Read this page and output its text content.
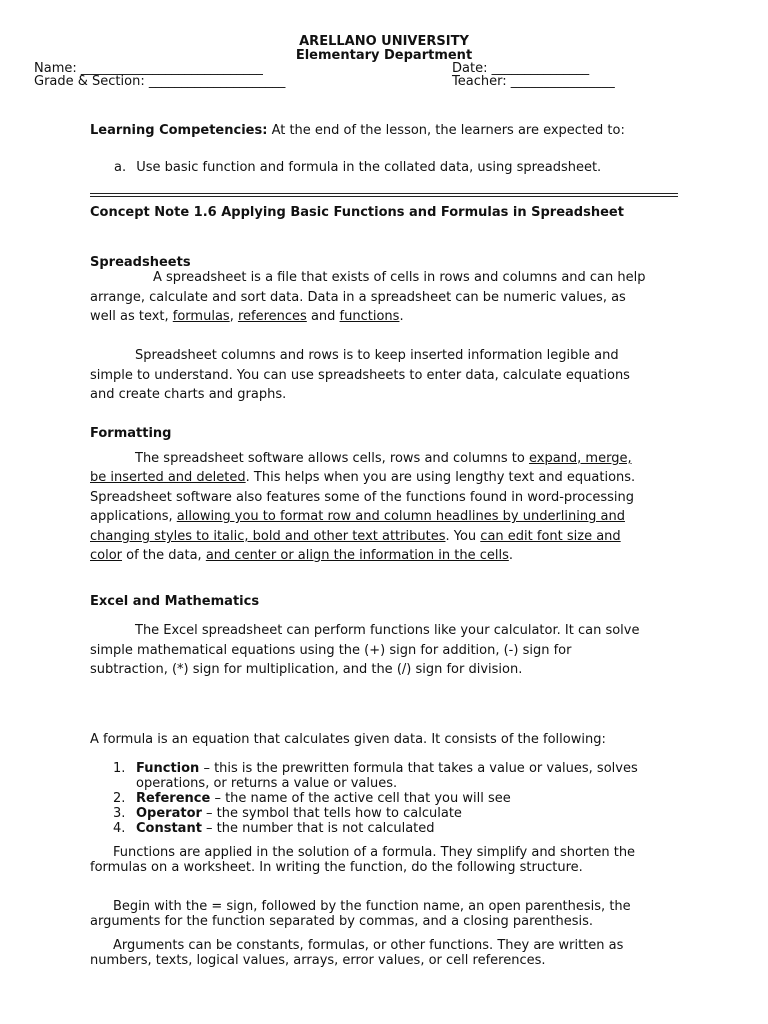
ARELLANO UNIVERSITY
Elementary Department
Name: ____________________________	Date: _______________
Grade & Section: _____________________	Teacher: ________________
Learning Competencies: At the end of the lesson, the learners are expected to:
a. Use basic function and formula in the collated data, using spreadsheet.
Concept Note 1.6 Applying Basic Functions and Formulas in Spreadsheet
Spreadsheets
A spreadsheet is a file that exists of cells in rows and columns and can help
arrange, calculate and sort data. Data in a spreadsheet can be numeric values, as
well as text, formulas, references and functions.
Spreadsheet columns and rows is to keep inserted information legible and
simple to understand. You can use spreadsheets to enter data, calculate equations
and create charts and graphs.
Formatting
The spreadsheet software allows cells, rows and columns to expand, merge,
be inserted and deleted. This helps when you are using lengthy text and equations.
Spreadsheet software also features some of the functions found in word-processing
applications, allowing you to format row and column headlines by underlining and
changing styles to italic, bold and other text attributes. You can edit font size and
color of the data, and center or align the information in the cells.
Excel and Mathematics
The Excel spreadsheet can perform functions like your calculator. It can solve
simple mathematical equations using the (+) sign for addition, (-) sign for
subtraction, (*) sign for multiplication, and the (/) sign for division.
A formula is an equation that calculates given data. It consists of the following:
1. Function – this is the prewritten formula that takes a value or values, solves
operations, or returns a value or values.
2. Reference – the name of the active cell that you will see
3. Operator – the symbol that tells how to calculate
4. Constant – the number that is not calculated
Functions are applied in the solution of a formula. They simplify and shorten the
formulas on a worksheet. In writing the function, do the following structure.
Begin with the = sign, followed by the function name, an open parenthesis, the
arguments for the function separated by commas, and a closing parenthesis.
Arguments can be constants, formulas, or other functions. They are written as
numbers, texts, logical values, arrays, error values, or cell references.
